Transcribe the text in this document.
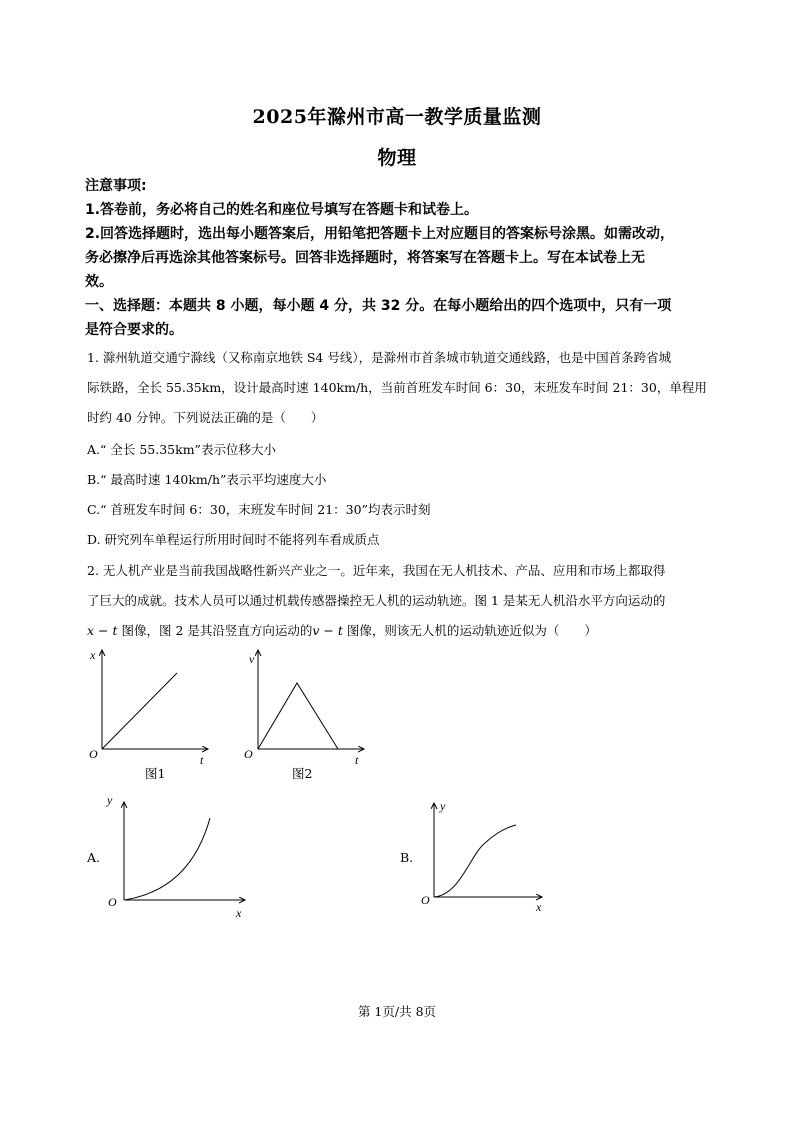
2025年滁州市高一教学质量监测
物理
注意事项:
1.答卷前，务必将自己的姓名和座位号填写在答题卡和试卷上。
2.回答选择题时，选出每小题答案后，用铅笔把答题卡上对应题目的答案标号涂黑。如需改动，
务必擦净后再选涂其他答案标号。回答非选择题时，将答案写在答题卡上。写在本试卷上无
效。
一、选择题：本题共 8 小题，每小题 4 分，共 32 分。在每小题给出的四个选项中，只有一项
是符合要求的。
1. 滁州轨道交通宁滁线（又称南京地铁 S4 号线），是滁州市首条城市轨道交通线路，也是中国首条跨省城
际铁路，全长 55.35km，设计最高时速 140km/h，当前首班发车时间 6：30，末班发车时间 21：30，单程用
时约 40 分钟。下列说法正确的是（　　）
A.“ 全长 55.35km”表示位移大小
B.“ 最高时速 140km/h”表示平均速度大小
C.“ 首班发车时间 6：30，末班发车时间 21：30”均表示时刻
D. 研究列车单程运行所用时间时不能将列车看成质点
2. 无人机产业是当前我国战略性新兴产业之一。近年来，我国在无人机技术、产品、应用和市场上都取得
了巨大的成就。技术人员可以通过机载传感器操控无人机的运动轨迹。图 1 是某无人机沿水平方向运动的
x − t 图像，图 2 是其沿竖直方向运动的v − t 图像，则该无人机的运动轨迹近似为（　　）
x
O	t
图1
v
O	t
图2
A.
y
O
x
B.
y
O	x
第 1页/共 8页
